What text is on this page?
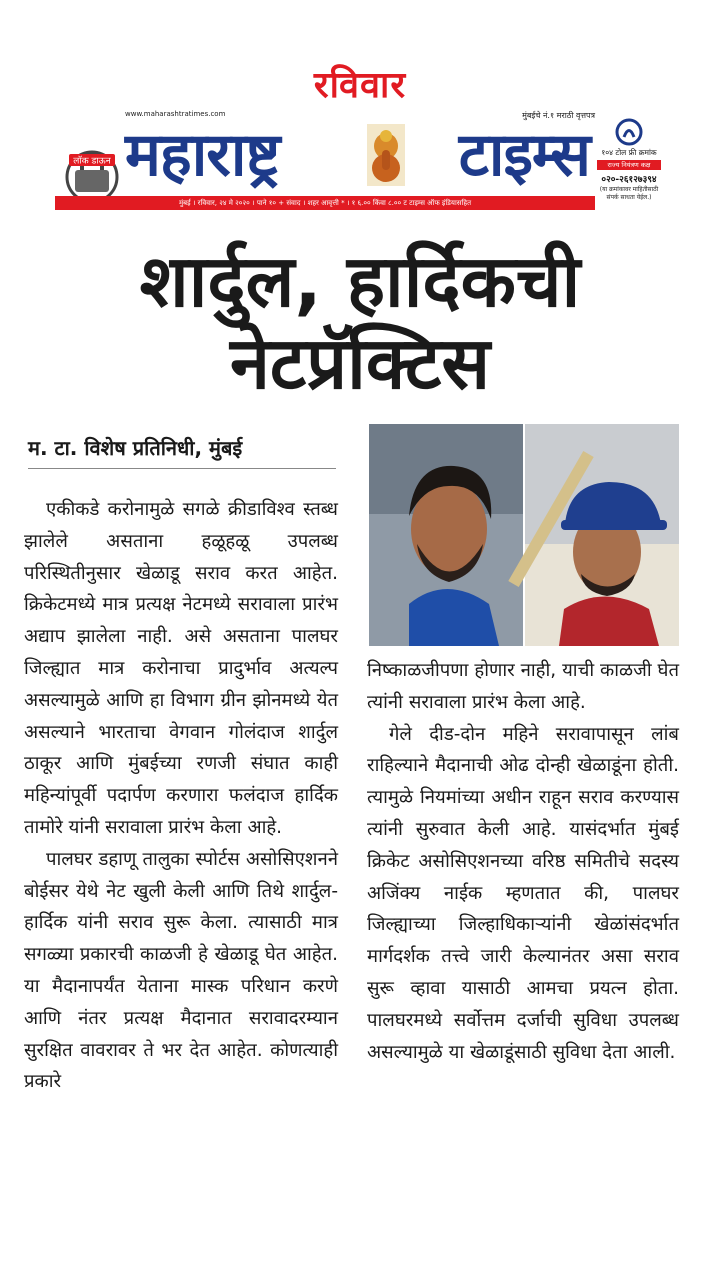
रविवार
www.maharashtratimes.com	मुंबईचे नं.१ मराठी वृत्तपत्र
लॉक डाऊन महाराष्ट्र	टाइम्स	१०४ टोल फ्री क्रमांक
राज्य नियंत्रण कक्ष
०२०-२६१२७३९४
(या क्रमांकावर माहितीसाठी संपर्क साधता येईल.)
मुंबई । रविवार, २४ मे २०२० । पाने १० + संवाद । शहर आवृत्ती * । १ ६.०० किंवा ८.०० ट टाइम्स ऑफ इंडियासहित
शार्दुल, हार्दिकची
नेटप्रॅक्टिस
म. टा. विशेष प्रतिनिधी, मुंबई

एकीकडे करोनामुळे सगळे क्रीडाविश्व स्तब्ध झालेले असताना हळूहळू उपलब्ध परिस्थितीनुसार खेळाडू सराव करत आहेत. क्रिकेटमध्ये मात्र प्रत्यक्ष नेटमध्ये सरावाला प्रारंभ अद्याप झालेला नाही. असे असताना पालघर जिल्ह्यात मात्र करोनाचा प्रादुर्भाव अत्यल्प असल्यामुळे आणि हा विभाग ग्रीन झोनमध्ये येत असल्याने भारताचा वेगवान गोलंदाज शार्दुल ठाकूर आणि मुंबईच्या रणजी संघात काही महिन्यांपूर्वी पदार्पण करणारा फलंदाज हार्दिक तामोरे यांनी सरावाला प्रारंभ केला आहे.

पालघर डहाणू तालुका स्पोर्टस असोसिएशनने बोईसर येथे नेट खुली केली आणि तिथे शार्दुल-हार्दिक यांनी सराव सुरू केला. त्यासाठी मात्र सगळ्या प्रकारची काळजी हे खेळाडू घेत आहेत. या मैदानापर्यंत येताना मास्क परिधान करणे आणि नंतर प्रत्यक्ष मैदानात सरावादरम्यान सुरक्षित वावरावर ते भर देत आहेत. कोणत्याही प्रकारे

निष्काळजीपणा होणार नाही, याची काळजी घेत त्यांनी सरावाला प्रारंभ केला आहे.

गेले दीड-दोन महिने सरावापासून लांब राहिल्याने मैदानाची ओढ दोन्ही खेळाडूंना होती. त्यामुळे नियमांच्या अधीन राहून सराव करण्यास त्यांनी सुरुवात केली आहे. यासंदर्भात मुंबई क्रिकेट असोसिएशनच्या वरिष्ठ समितीचे सदस्य अजिंक्य नाईक म्हणतात की, पालघर जिल्ह्याच्या जिल्हाधिकाऱ्यांनी खेळांसंदर्भात मार्गदर्शक तत्त्वे जारी केल्यानंतर असा सराव सुरू व्हावा यासाठी आमचा प्रयत्न होता. पालघरमध्ये सर्वोत्तम दर्जाची सुविधा उपलब्ध असल्यामुळे या खेळाडूंसाठी सुविधा देता आली.
